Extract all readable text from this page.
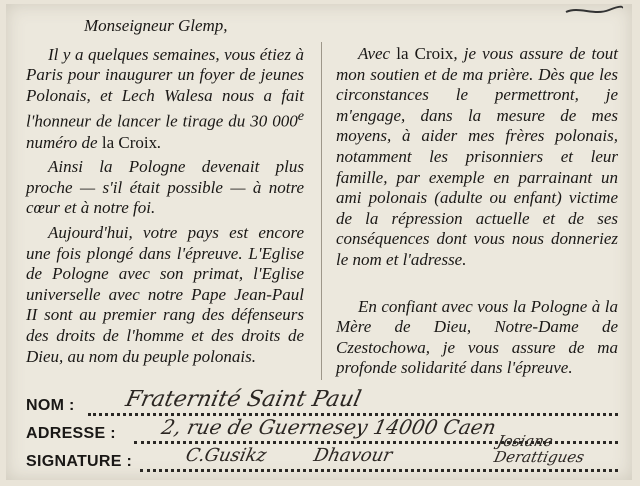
Monseigneur Glemp,

Il y a quelques semaines, vous étiez à Paris pour inaugurer un foyer de jeunes Polonais, et Lech Walesa nous a fait l'honneur de lancer le tirage du 30 000e numéro de la Croix.

Ainsi la Pologne devenait plus proche — s'il était possible — à notre cœur et à notre foi.

Aujourd'hui, votre pays est encore une fois plongé dans l'épreuve. L'Eglise de Pologne avec son primat, l'Eglise universelle avec notre Pape Jean-Paul II sont au premier rang des défenseurs des droits de l'homme et des droits de Dieu, au nom du peuple polonais.

Avec la Croix, je vous assure de tout mon soutien et de ma prière. Dès que les circonstances le permettront, je m'engage, dans la mesure de mes moyens, à aider mes frères polonais, notamment les prisonniers et leur famille, par exemple en parrainant un ami polonais (adulte ou enfant) victime de la répression actuelle et de ses conséquences dont vous nous donneriez le nom et l'adresse.

En confiant avec vous la Pologne à la Mère de Dieu, Notre-Dame de Czestochowa, je vous assure de ma profonde solidarité dans l'épreuve.

NOM : Fraternité Saint Paul
ADRESSE : 2, rue de Guernesey 14000 Caen
SIGNATURE :	C.Gusikz Dhavour
Josiane Derattigues
